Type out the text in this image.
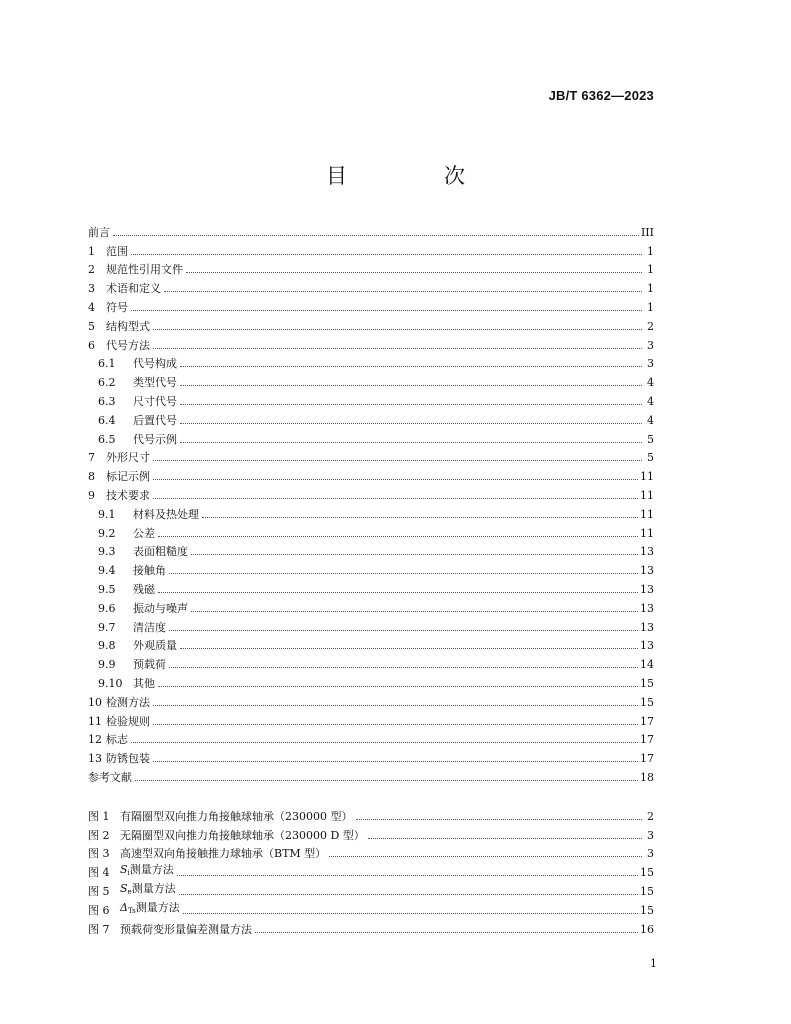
JB/T 6362—2023
目　次
前言	III
1	范围	1
2	规范性引用文件	1
3	术语和定义	1
4	符号	1
5	结构型式	2
6	代号方法	3
6.1	代号构成	3
6.2	类型代号	4
6.3	尺寸代号	4
6.4	后置代号	4
6.5	代号示例	5
7	外形尺寸	5
8	标记示例	11
9	技术要求	11
9.1	材料及热处理	11
9.2	公差	11
9.3	表面粗糙度	13
9.4	接触角	13
9.5	残磁	13
9.6	振动与噪声	13
9.7	清洁度	13
9.8	外观质量	13
9.9	预载荷	14
9.10 其他	15
10 检测方法	15
11 检验规则	17
12 标志	17
13 防锈包装	17
参考文献	18
图 1 有隔圈型双向推力角接触球轴承（230000 型）	2
图 2 无隔圈型双向推力角接触球轴承（230000 D 型）	3
图 3 高速型双向角接触推力球轴承（BTM 型）	3
图 4 $S_i$测量方法	15
图 5 $S_e$测量方法	15
图 6 $\Delta_{Ts}$测量方法	15
图 7 预载荷变形量偏差测量方法	16
1
